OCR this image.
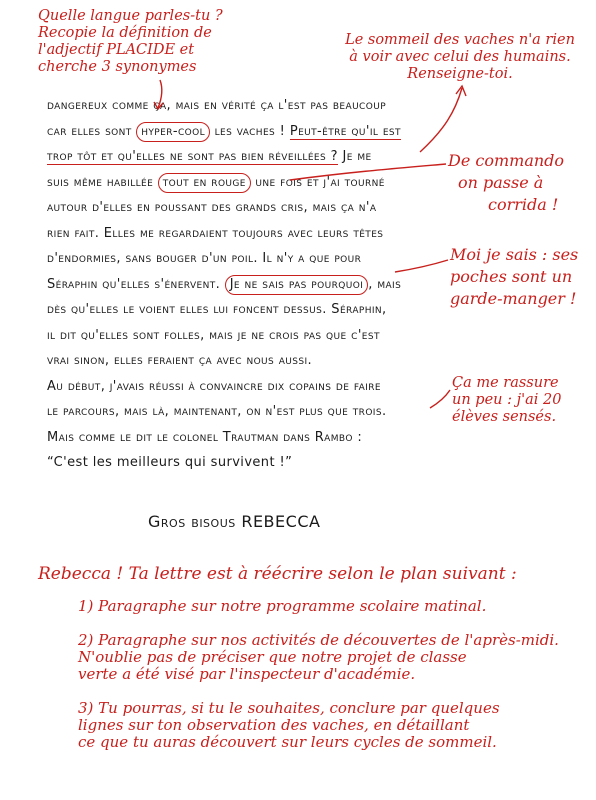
Quelle langue parles-tu ?
Recopie la définition de
l'adjectif PLACIDE et
cherche 3 synonymes
Le sommeil des vaches n'a rien
à voir avec celui des humains.
Renseigne-toi.
De commando
on passe à
corrida !
Moi je sais : ses
poches sont un
garde-manger !
Ça me rassure
un peu : j'ai 20
élèves sensés.

dangereux comme ça, mais en vérité ça l'est pas beaucoup
car elles sont hyper-cool les vaches ! Peut-être qu'il est
trop tôt et qu'elles ne sont pas bien réveillées ? Je me
suis même habillée tout en rouge une fois et j'ai tourné
autour d'elles en poussant des grands cris, mais ça n'a
rien fait. Elles me regardaient toujours avec leurs têtes
d'endormies, sans bouger d'un poil. Il n'y a que pour
Séraphin qu'elles s'énervent. Je ne sais pas pourquoi , mais
dès qu'elles le voient elles lui foncent dessus. Séraphin,
il dit qu'elles sont folles, mais je ne crois pas que c'est
vrai sinon, elles feraient ça avec nous aussi.

Au début, j'avais réussi à convaincre dix copains de faire
le parcours, mais là, maintenant, on n'est plus que trois.
Mais comme le dit le colonel Trautman dans Rambo :
“C'est les meilleurs qui survivent !”

Gros bisous REBECCA
Rebecca ! Ta lettre est à réécrire selon le plan suivant :
1) Paragraphe sur notre programme scolaire matinal.
2) Paragraphe sur nos activités de découvertes de l'après-midi.
N'oublie pas de préciser que notre projet de classe
verte a été visé par l'inspecteur d'académie.
3) Tu pourras, si tu le souhaites, conclure par quelques
lignes sur ton observation des vaches, en détaillant
ce que tu auras découvert sur leurs cycles de sommeil.
